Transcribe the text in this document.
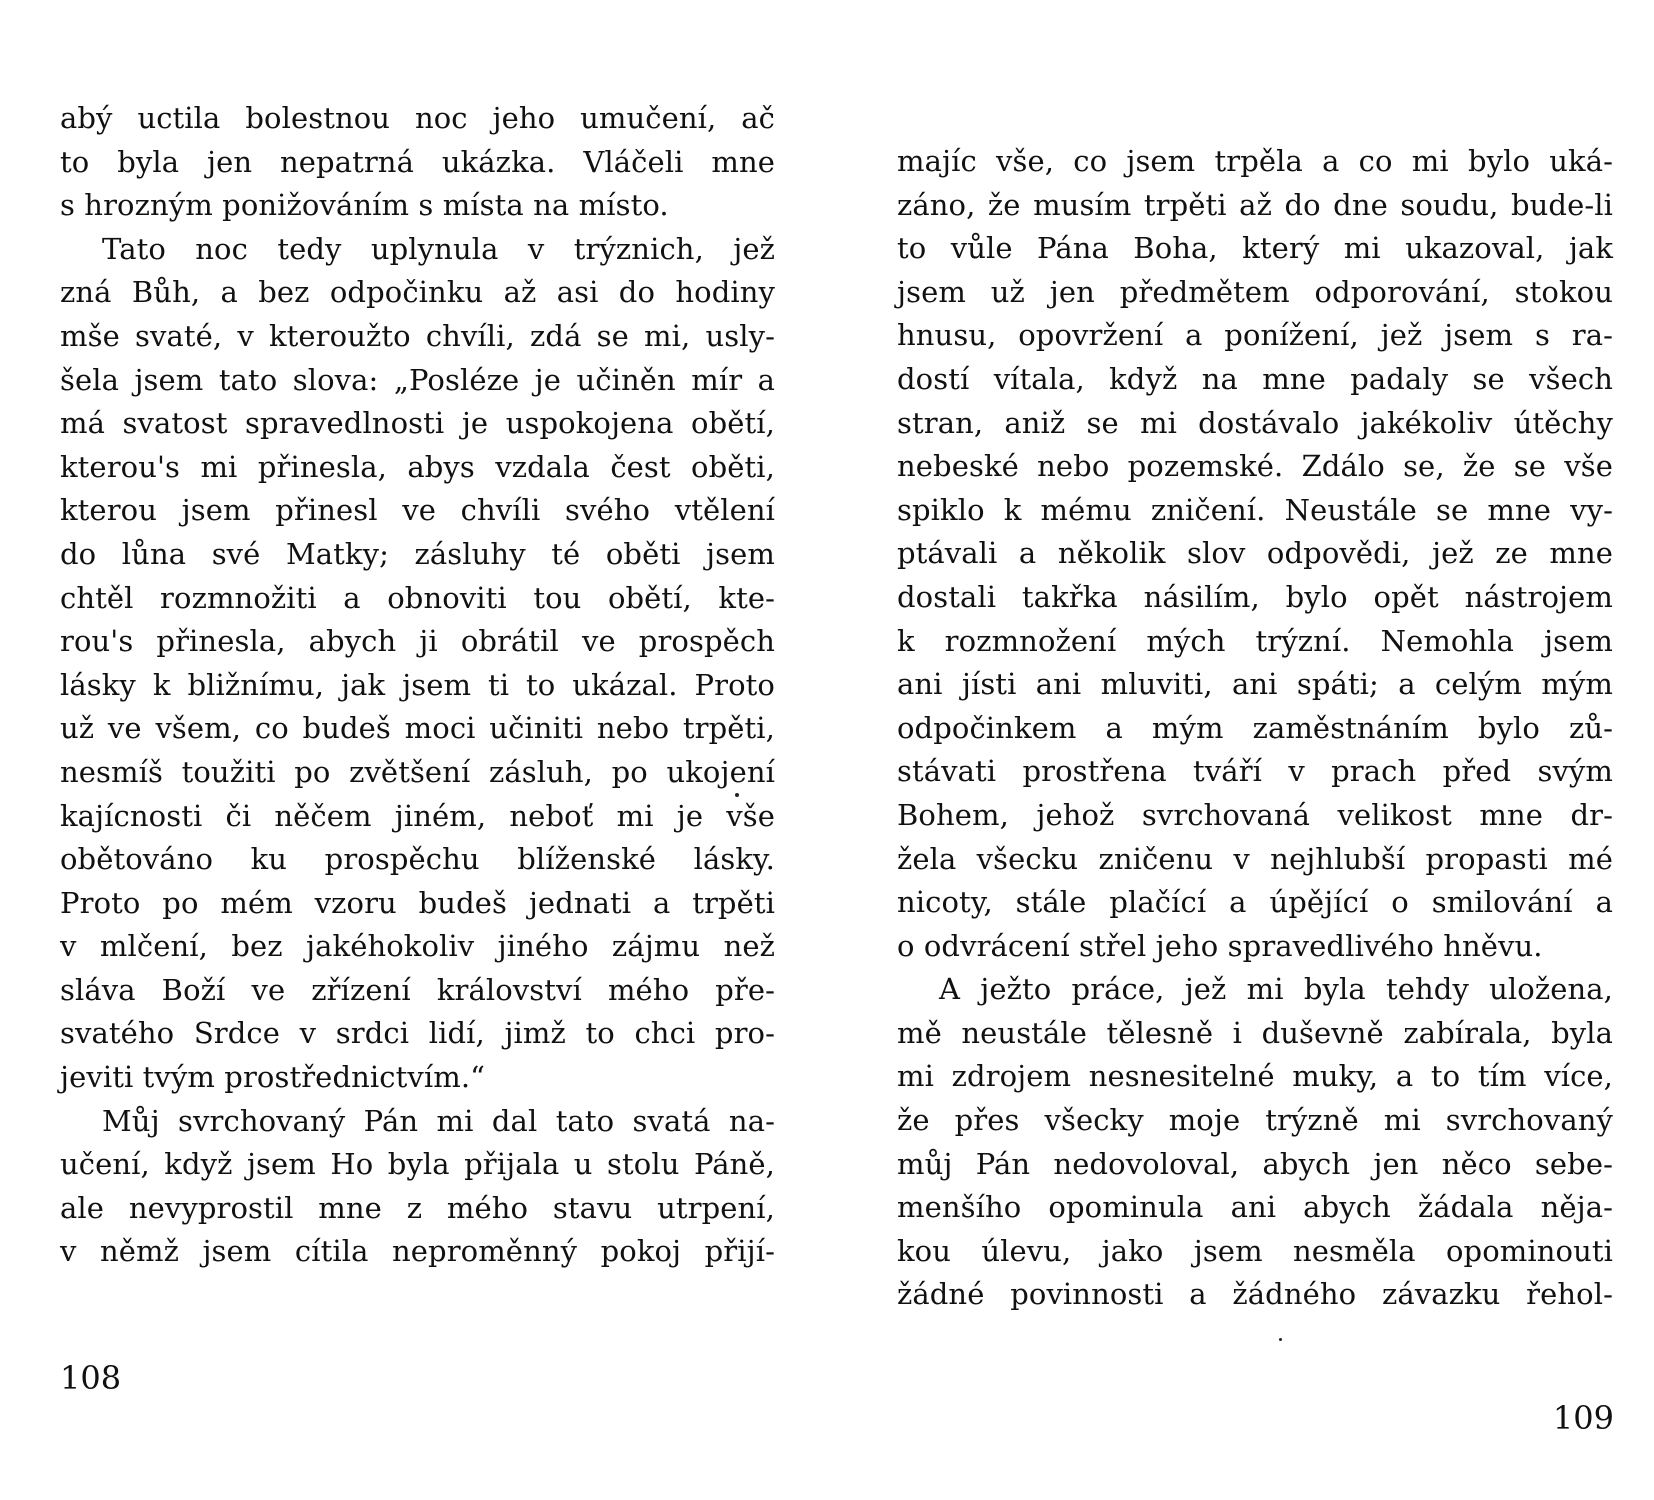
abý uctila bolestnou noc jeho umučení, ač
to byla jen nepatrná ukázka. Vláčeli mne
s hrozným ponižováním s místa na místo.
Tato noc tedy uplynula v trýznich, jež
zná Bůh, a bez odpočinku až asi do hodiny
mše svaté, v kteroužto chvíli, zdá se mi, usly-
šela jsem tato slova: „Posléze je učiněn mír a
má svatost spravedlnosti je uspokojena obětí,
kterou's mi přinesla, abys vzdala čest oběti,
kterou jsem přinesl ve chvíli svého vtělení
do lůna své Matky; zásluhy té oběti jsem
chtěl rozmnožiti a obnoviti tou obětí, kte-
rou's přinesla, abych ji obrátil ve prospěch
lásky k bližnímu, jak jsem ti to ukázal. Proto
už ve všem, co budeš moci učiniti nebo trpěti,
nesmíš toužiti po zvětšení zásluh, po ukojení
kajícnosti či něčem jiném, neboť mi je vše
obětováno ku prospěchu blíženské lásky.
Proto po mém vzoru budeš jednati a trpěti
v mlčení, bez jakéhokoliv jiného zájmu než
sláva Boží ve zřízení království mého pře-
svatého Srdce v srdci lidí, jimž to chci pro-
jeviti tvým prostřednictvím.“
Můj svrchovaný Pán mi dal tato svatá na-
učení, když jsem Ho byla přijala u stolu Páně,
ale nevyprostil mne z mého stavu utrpení,
v němž jsem cítila neproměnný pokoj přijí-
108
majíc vše, co jsem trpěla a co mi bylo uká-
záno, že musím trpěti až do dne soudu, bude-li
to vůle Pána Boha, který mi ukazoval, jak
jsem už jen předmětem odporování, stokou
hnusu, opovržení a ponížení, jež jsem s ra-
dostí vítala, když na mne padaly se všech
stran, aniž se mi dostávalo jakékoliv útěchy
nebeské nebo pozemské. Zdálo se, že se vše
spiklo k mému zničení. Neustále se mne vy-
ptávali a několik slov odpovědi, jež ze mne
dostali takřka násilím, bylo opět nástrojem
k rozmnožení mých trýzní. Nemohla jsem
ani jísti ani mluviti, ani spáti; a celým mým
odpočinkem a mým zaměstnáním bylo zů-
stávati prostřena tváří v prach před svým
Bohem, jehož svrchovaná velikost mne dr-
žela všecku zničenu v nejhlubší propasti mé
nicoty, stále plačící a úpějící o smilování a
o odvrácení střel jeho spravedlivého hněvu.
A ježto práce, jež mi byla tehdy uložena,
mě neustále tělesně i duševně zabírala, byla
mi zdrojem nesnesitelné muky, a to tím více,
že přes všecky moje trýzně mi svrchovaný
můj Pán nedovoloval, abych jen něco sebe-
menšího opominula ani abych žádala něja-
kou úlevu, jako jsem nesměla opominouti
žádné povinnosti a žádného závazku řehol-
109
